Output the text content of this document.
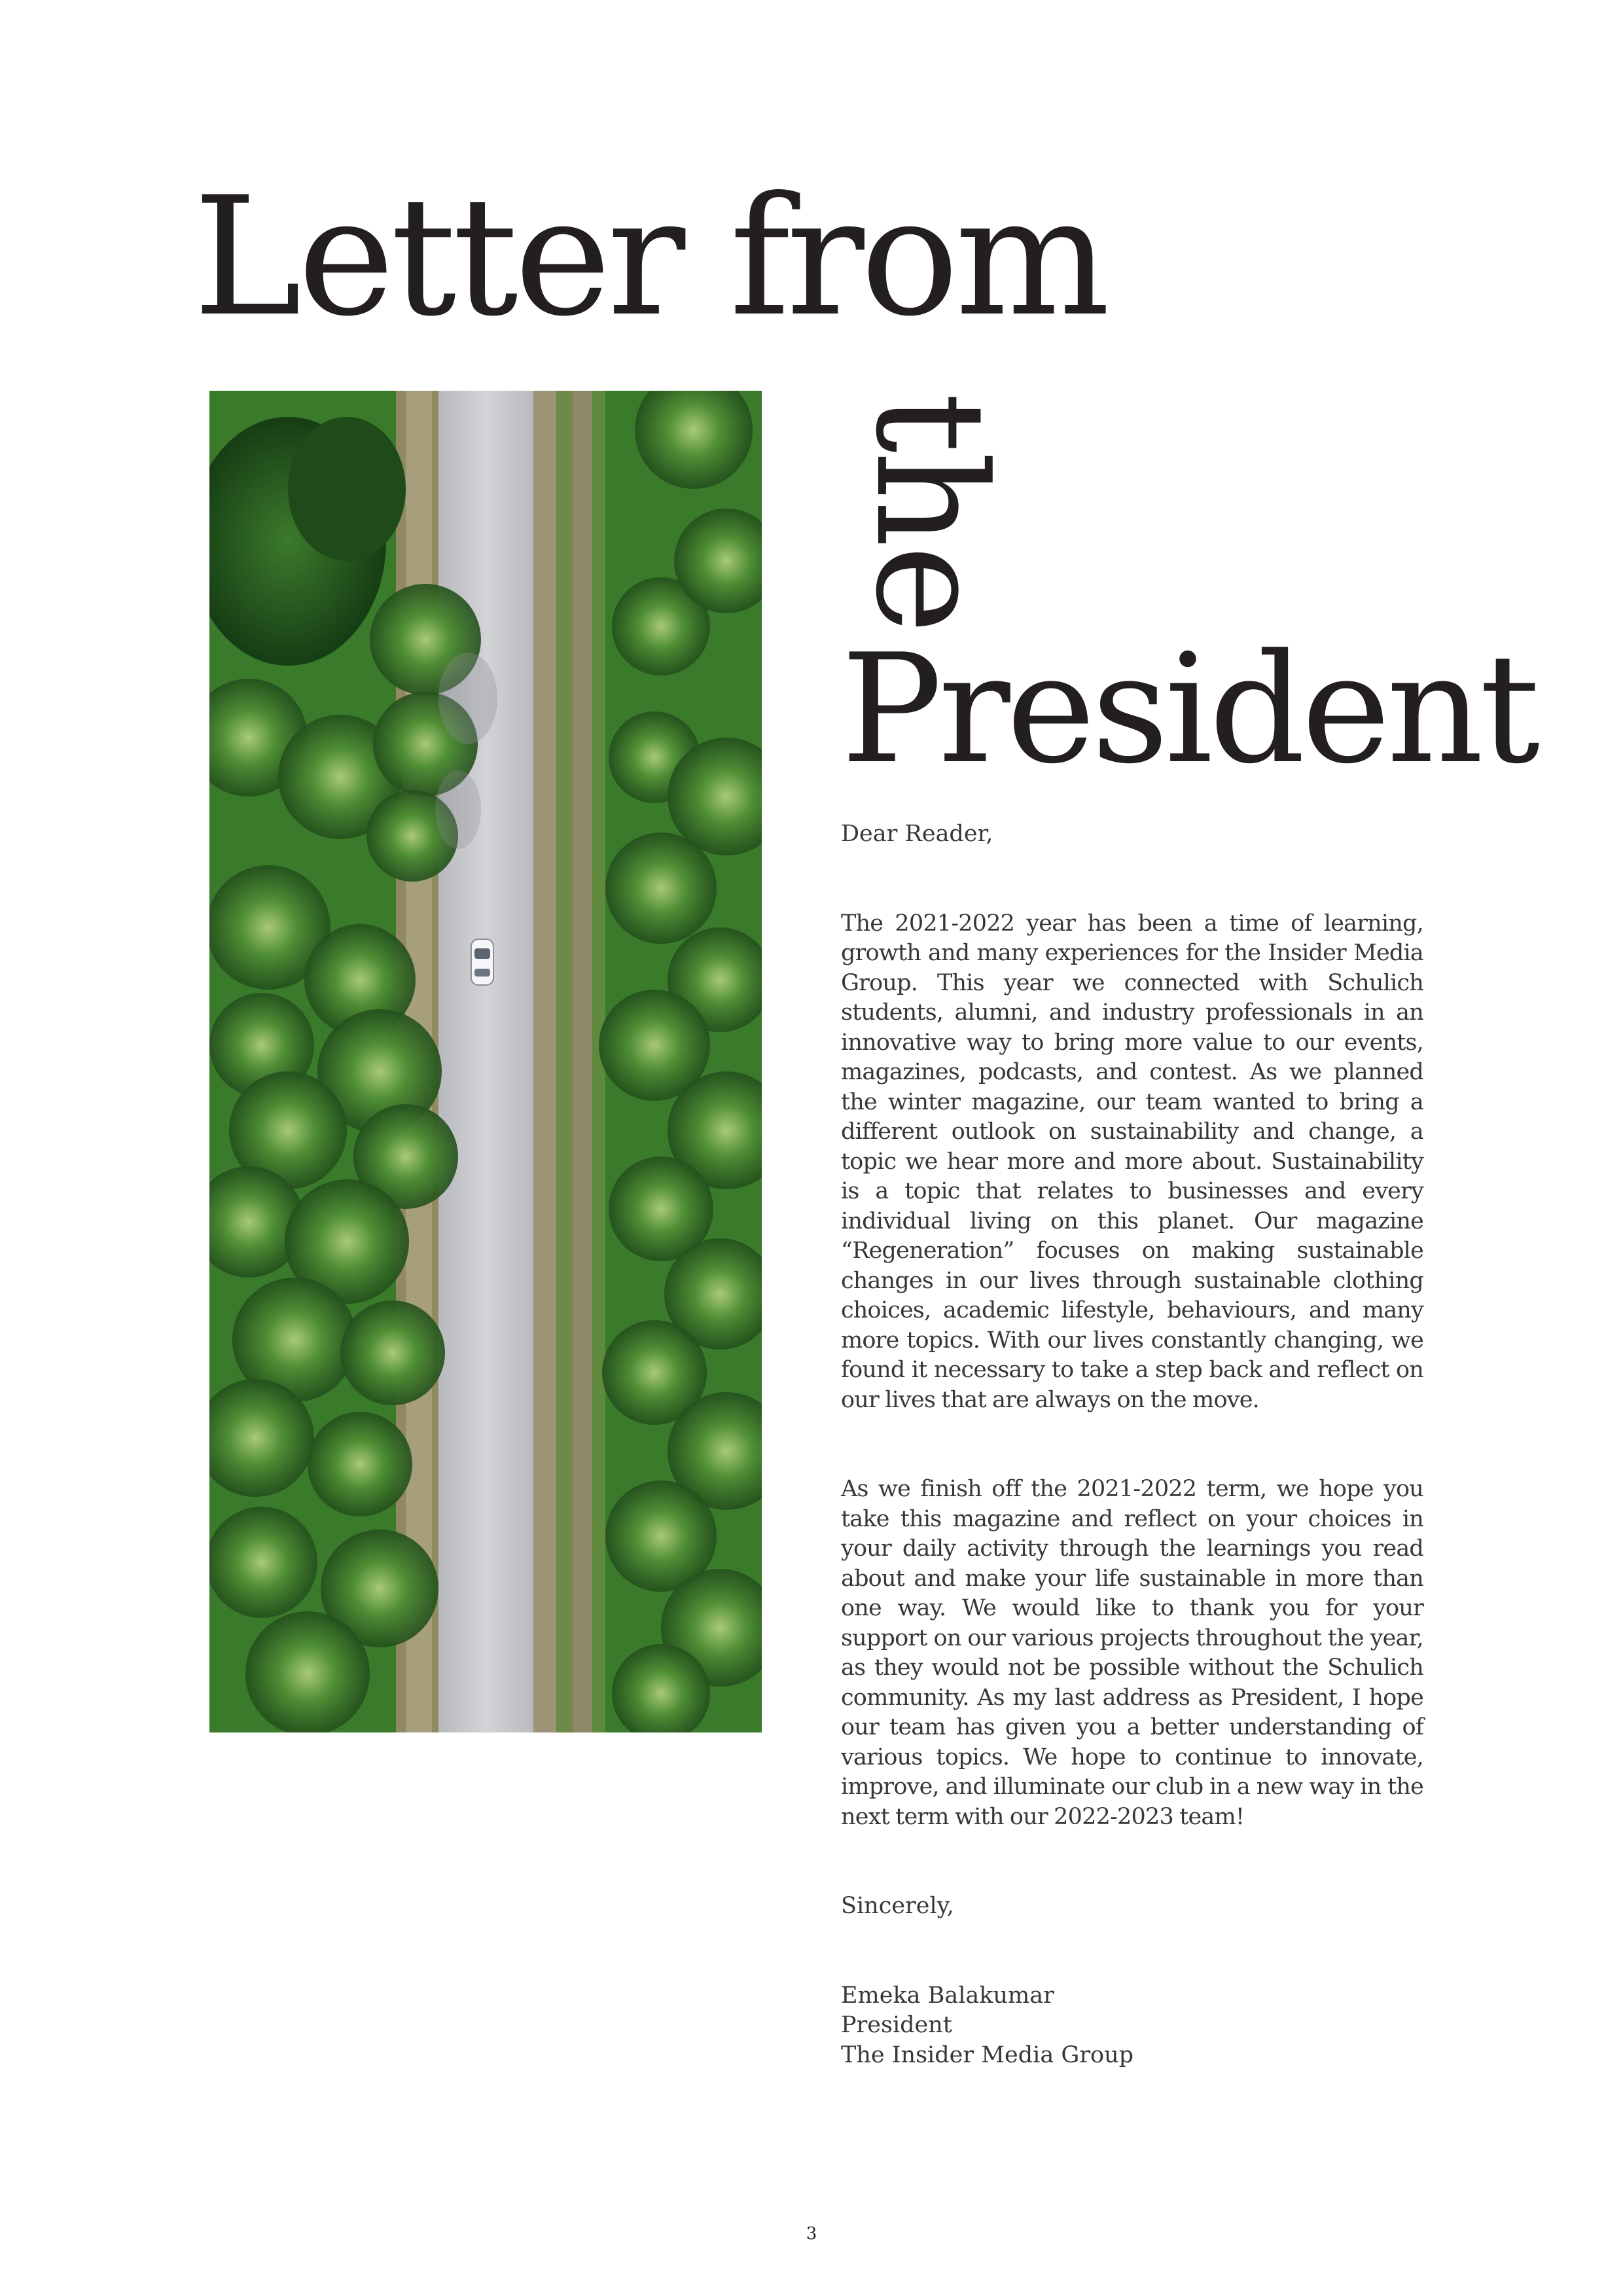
Letter from
the
President

Dear Reader,

The 2021-2022 year has been a time of learning, growth and many experiences for the Insider Media Group. This year we connected with Schulich students, alumni, and industry professionals in an innovative way to bring more value to our events, magazines, podcasts, and contest. As we planned the winter magazine, our team wanted to bring a different outlook on sustainability and change, a topic we hear more and more about. Sustainability is a topic that relates to businesses and every individual living on this planet. Our magazine “Regeneration” focuses on making sustainable changes in our lives through sustainable clothing choices, academic lifestyle, behaviours, and many more topics. With our lives constantly changing, we found it necessary to take a step back and reflect on our lives that are always on the move.

As we finish off the 2021-2022 term, we hope you take this magazine and reflect on your choices in your daily activity through the learnings you read about and make your life sustainable in more than one way. We would like to thank you for your support on our various projects throughout the year, as they would not be possible without the Schulich community. As my last address as President, I hope our team has given you a better understanding of various topics. We hope to continue to innovate, improve, and illuminate our club in a new way in the next term with our 2022-2023 team!

Sincerely,

Emeka Balakumar
President
The Insider Media Group

3
